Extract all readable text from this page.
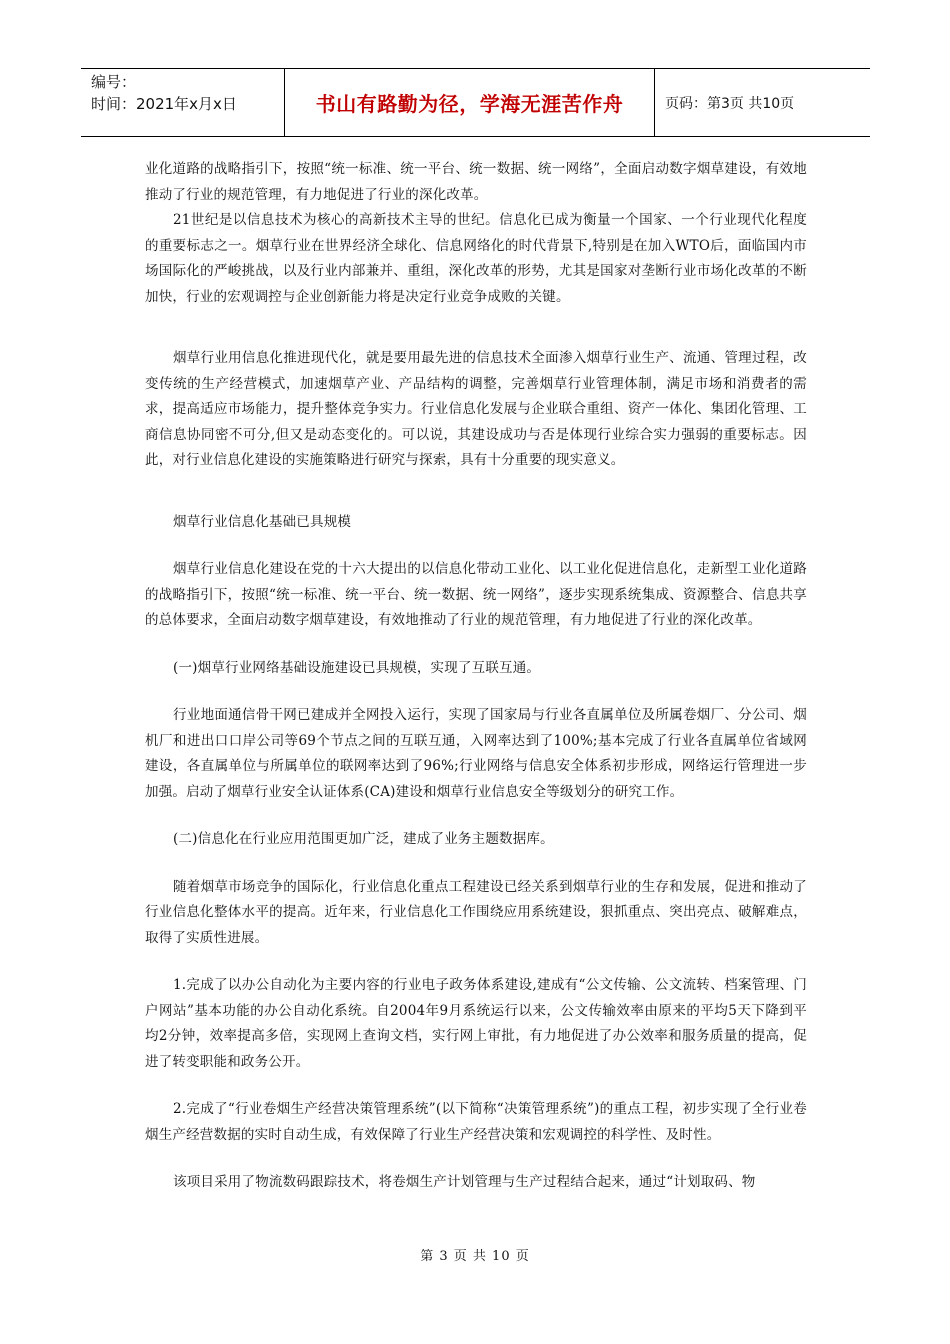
编号：
时间：2021年x月x日	书山有路勤为径，学海无涯苦作舟	页码：第3页 共10页

业化道路的战略指引下，按照“统一标准、统一平台、统一数据、统一网络”，全面启动数字烟草建设，有效地推动了行业的规范管理，有力地促进了行业的深化改革。

21世纪是以信息技术为核心的高新技术主导的世纪。信息化已成为衡量一个国家、一个行业现代化程度的重要标志之一。烟草行业在世界经济全球化、信息网络化的时代背景下,特别是在加入WTO后，面临国内市场国际化的严峻挑战，以及行业内部兼并、重组，深化改革的形势，尤其是国家对垄断行业市场化改革的不断加快，行业的宏观调控与企业创新能力将是决定行业竞争成败的关键。

烟草行业用信息化推进现代化，就是要用最先进的信息技术全面渗入烟草行业生产、流通、管理过程，改变传统的生产经营模式，加速烟草产业、产品结构的调整，完善烟草行业管理体制，满足市场和消费者的需求，提高适应市场能力，提升整体竞争实力。行业信息化发展与企业联合重组、资产一体化、集团化管理、工商信息协同密不可分,但又是动态变化的。可以说，其建设成功与否是体现行业综合实力强弱的重要标志。因此，对行业信息化建设的实施策略进行研究与探索，具有十分重要的现实意义。

烟草行业信息化基础已具规模

烟草行业信息化建设在党的十六大提出的以信息化带动工业化、以工业化促进信息化，走新型工业化道路的战略指引下，按照“统一标准、统一平台、统一数据、统一网络”，逐步实现系统集成、资源整合、信息共享的总体要求，全面启动数字烟草建设，有效地推动了行业的规范管理，有力地促进了行业的深化改革。

(一)烟草行业网络基础设施建设已具规模，实现了互联互通。

行业地面通信骨干网已建成并全网投入运行，实现了国家局与行业各直属单位及所属卷烟厂、分公司、烟机厂和进出口口岸公司等69个节点之间的互联互通，入网率达到了100%;基本完成了行业各直属单位省域网建设，各直属单位与所属单位的联网率达到了96%;行业网络与信息安全体系初步形成，网络运行管理进一步加强。启动了烟草行业安全认证体系(CA)建设和烟草行业信息安全等级划分的研究工作。

(二)信息化在行业应用范围更加广泛，建成了业务主题数据库。

随着烟草市场竞争的国际化，行业信息化重点工程建设已经关系到烟草行业的生存和发展，促进和推动了行业信息化整体水平的提高。近年来，行业信息化工作围绕应用系统建设，狠抓重点、突出亮点、破解难点，取得了实质性进展。

1.完成了以办公自动化为主要内容的行业电子政务体系建设,建成有“公文传输、公文流转、档案管理、门户网站”基本功能的办公自动化系统。自2004年9月系统运行以来，公文传输效率由原来的平均5天下降到平均2分钟，效率提高多倍，实现网上查询文档，实行网上审批，有力地促进了办公效率和服务质量的提高，促进了转变职能和政务公开。

2.完成了“行业卷烟生产经营决策管理系统”(以下简称“决策管理系统”)的重点工程，初步实现了全行业卷烟生产经营数据的实时自动生成，有效保障了行业生产经营决策和宏观调控的科学性、及时性。

该项目采用了物流数码跟踪技术，将卷烟生产计划管理与生产过程结合起来，通过“计划取码、物

第 3 页 共 10 页
